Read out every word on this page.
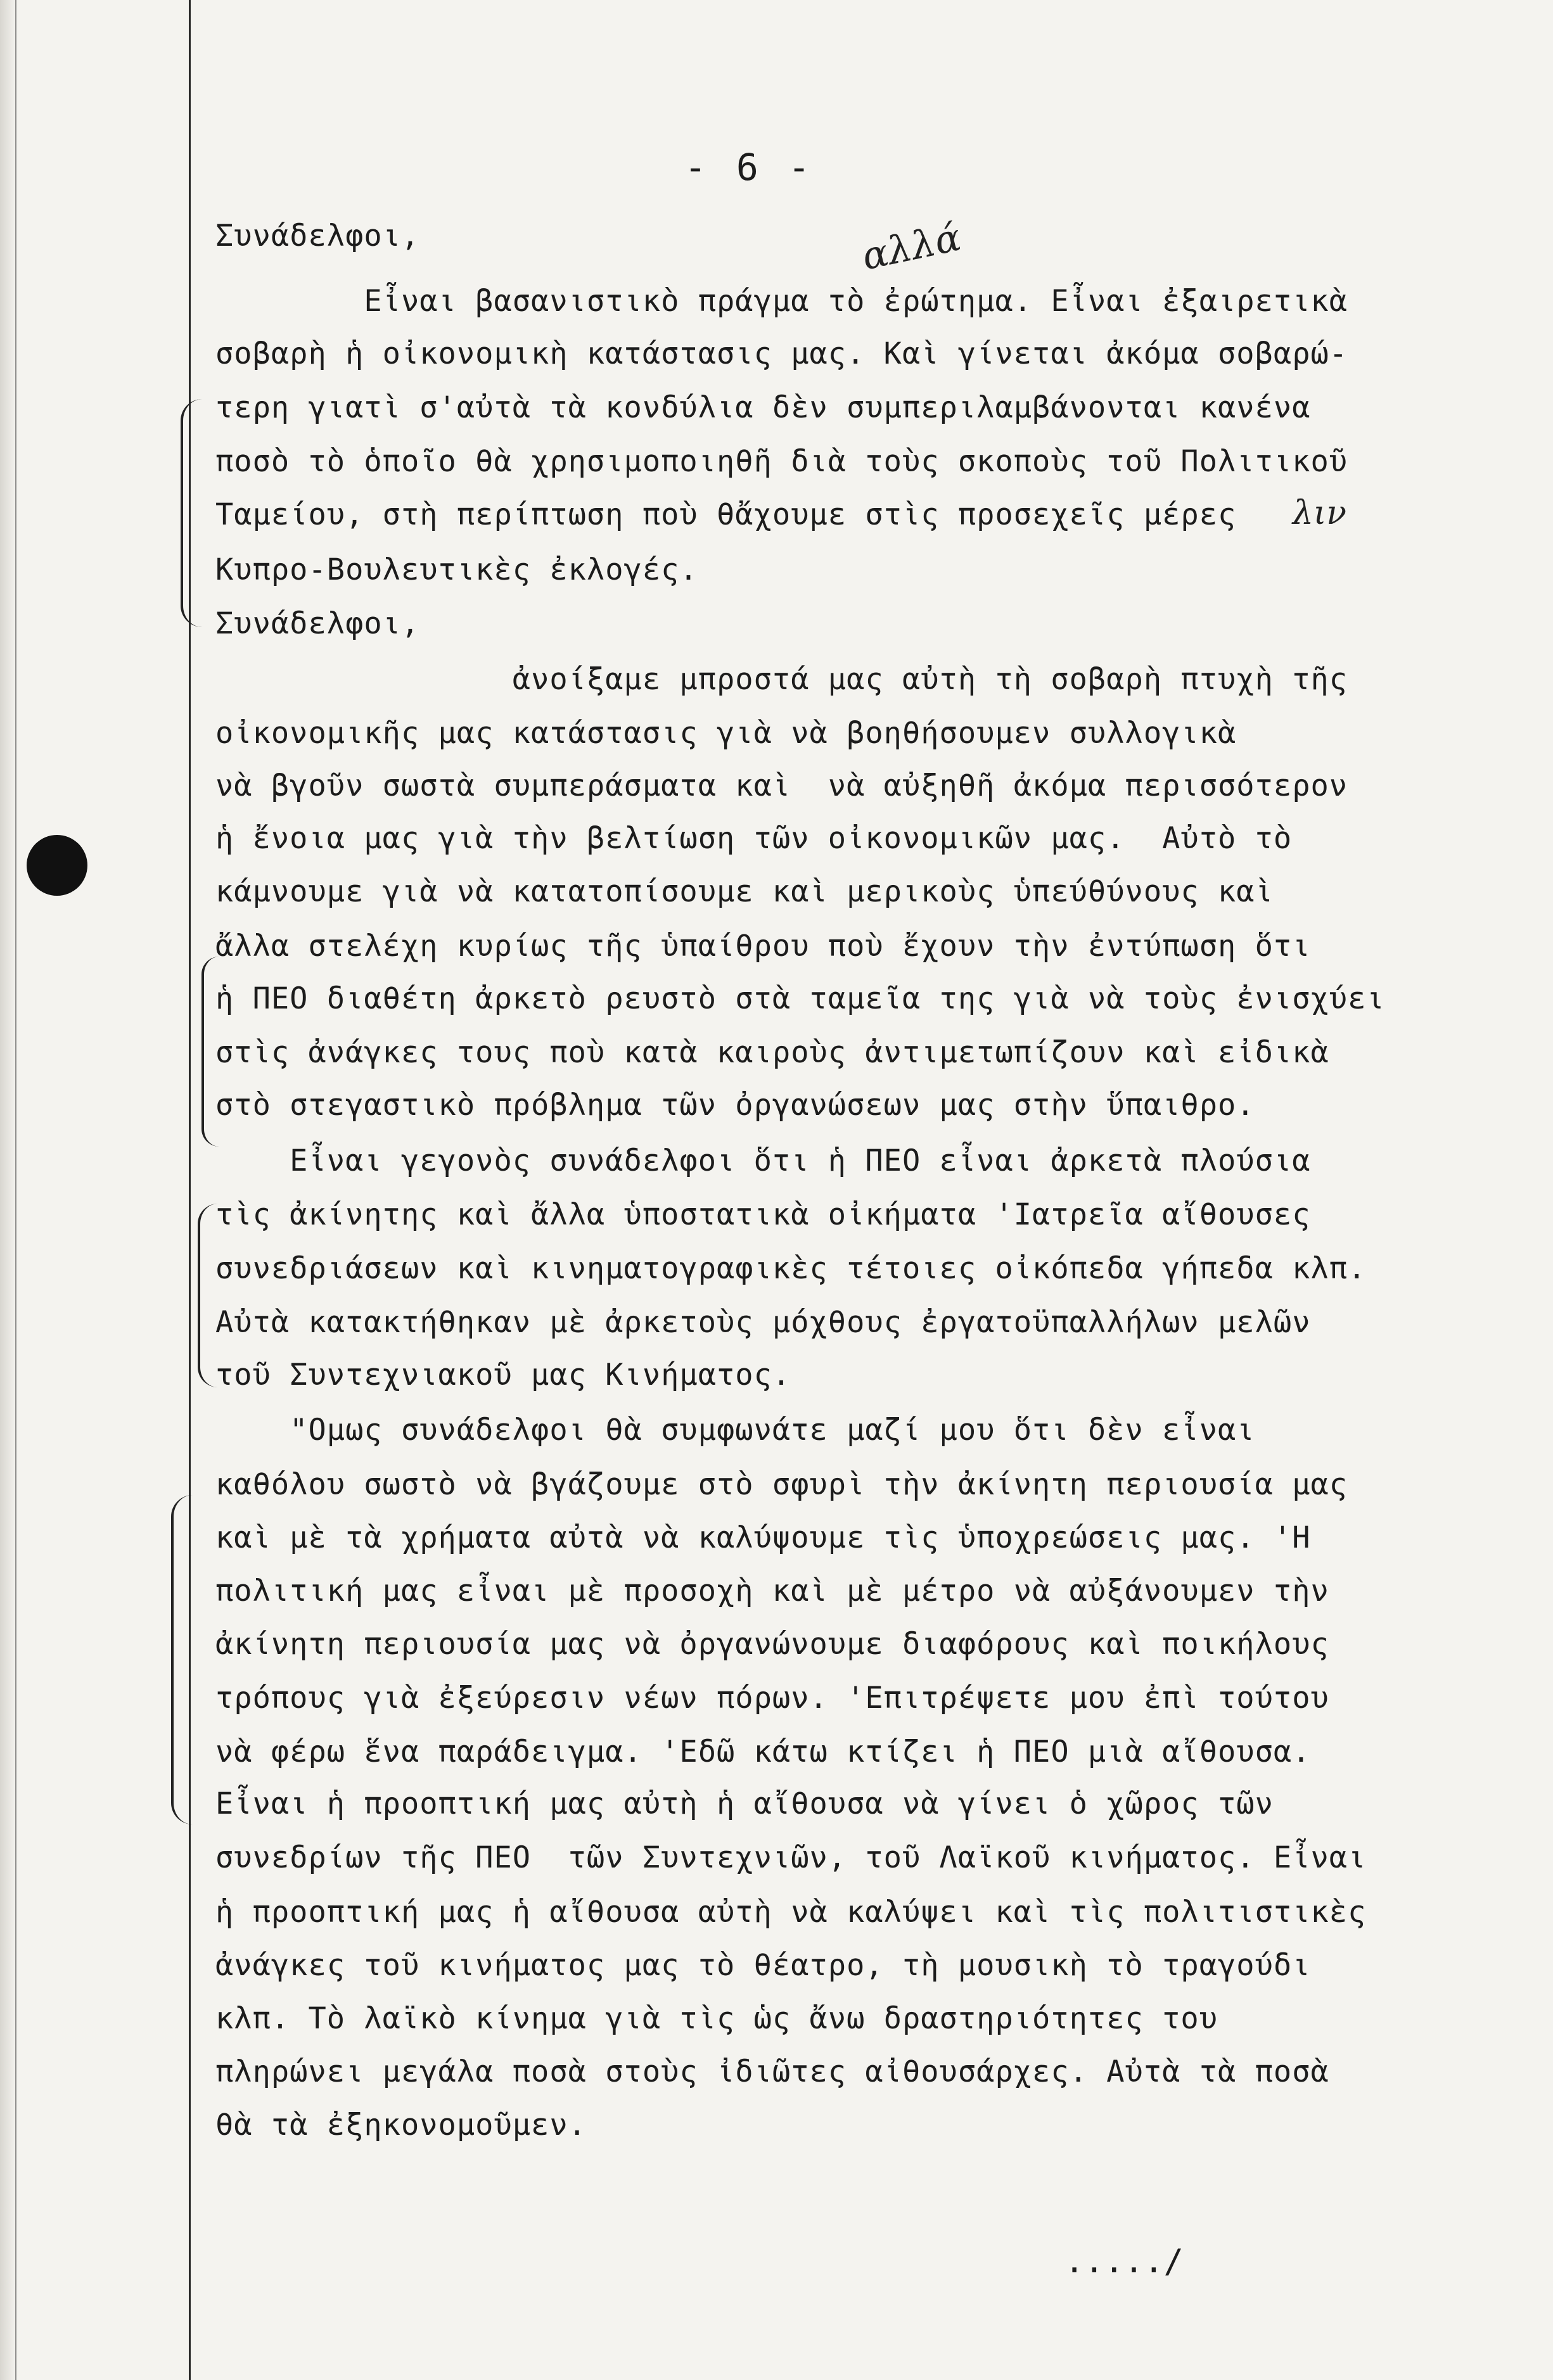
- 6 -
αλλά
λιν
Συνάδελφοι,
Εἶναι βασανιστικὸ πράγμα τὸ ἐρώτημα. Εἶναι ἐξαιρετικὰ
σοβαρὴ ἡ οἰκονομικὴ κατάστασις μας. Καὶ γίνεται ἀκόμα σοβαρώ-
τερη γιατὶ σ'αὐτὰ τὰ κονδύλια δὲν συμπεριλαμβάνονται κανένα
ποσὸ τὸ ὁποῖο θὰ χρησιμοποιηθῆ διὰ τοὺς σκοποὺς τοῦ Πολιτικοῦ
Ταμείου, στὴ περίπτωση ποὺ θἄχουμε στὶς προσεχεῖς μέρες
Κυπρο-Βουλευτικὲς ἐκλογές.
Συνάδελφοι,
ἀνοίξαμε μπροστά μας αὐτὴ τὴ σοβαρὴ πτυχὴ τῆς
οἰκονομικῆς μας κατάστασις γιὰ νὰ βοηθήσουμεν συλλογικὰ
νὰ βγοῦν σωστὰ συμπεράσματα καὶ  νὰ αὐξηθῆ ἀκόμα περισσότερον
ἡ ἔνοια μας γιὰ τὴν βελτίωση τῶν οἰκονομικῶν μας.  Αὐτὸ τὸ
κάμνουμε γιὰ νὰ κατατοπίσουμε καὶ μερικοὺς ὑπεύθύνους καὶ
ἄλλα στελέχη κυρίως τῆς ὑπαίθρου ποὺ ἔχουν τὴν ἐντύπωση ὅτι
ἡ ΠΕΟ διαθέτη ἀρκετὸ ρευστὸ στὰ ταμεῖα της γιὰ νὰ τοὺς ἐνισχύει
στὶς ἀνάγκες τους ποὺ κατὰ καιροὺς ἀντιμετωπίζουν καὶ εἰδικὰ
στὸ στεγαστικὸ πρόβλημα τῶν ὀργανώσεων μας στὴν ὕπαιθρο.
Εἶναι γεγονὸς συνάδελφοι ὅτι ἡ ΠΕΟ εἶναι ἀρκετὰ πλούσια
τὶς ἀκίνητης καὶ ἄλλα ὑποστατικὰ οἰκήματα 'Ιατρεῖα αἴθουσες
συνεδριάσεων καὶ κινηματογραφικὲς τέτοιες οἰκόπεδα γήπεδα κλπ.
Αὐτὰ κατακτήθηκαν μὲ ἀρκετοὺς μόχθους ἐργατοϋπαλλήλων μελῶν
τοῦ Συντεχνιακοῦ μας Κινήματος.
"Ομως συνάδελφοι θὰ συμφωνάτε μαζί μου ὅτι δὲν εἶναι
καθόλου σωστὸ νὰ βγάζουμε στὸ σφυρὶ τὴν ἀκίνητη περιουσία μας
καὶ μὲ τὰ χρήματα αὐτὰ νὰ καλύψουμε τὶς ὑποχρεώσεις μας. 'Η
πολιτική μας εἶναι μὲ προσοχὴ καὶ μὲ μέτρο νὰ αὐξάνουμεν τὴν
ἀκίνητη περιουσία μας νὰ ὀργανώνουμε διαφόρους καὶ ποικήλους
τρόπους γιὰ ἐξεύρεσιν νέων πόρων. 'Επιτρέψετε μου ἐπὶ τούτου
νὰ φέρω ἕνα παράδειγμα. 'Εδῶ κάτω κτίζει ἡ ΠΕΟ μιὰ αἴθουσα.
Εἶναι ἡ προοπτική μας αὐτὴ ἡ αἴθουσα νὰ γίνει ὁ χῶρος τῶν
συνεδρίων τῆς ΠΕΟ  τῶν Συντεχνιῶν, τοῦ Λαϊκοῦ κινήματος. Εἶναι
ἡ προοπτική μας ἡ αἴθουσα αὐτὴ νὰ καλύψει καὶ τὶς πολιτιστικὲς
ἀνάγκες τοῦ κινήματος μας τὸ θέατρο, τὴ μουσικὴ τὸ τραγούδι
κλπ. Τὸ λαϊκὸ κίνημα γιὰ τὶς ὡς ἄνω δραστηριότητες του
πληρώνει μεγάλα ποσὰ στοὺς ἰδιῶτες αἰθουσάρχες. Αὐτὰ τὰ ποσὰ
θὰ τὰ ἐξηκονομοῦμεν.
...../
